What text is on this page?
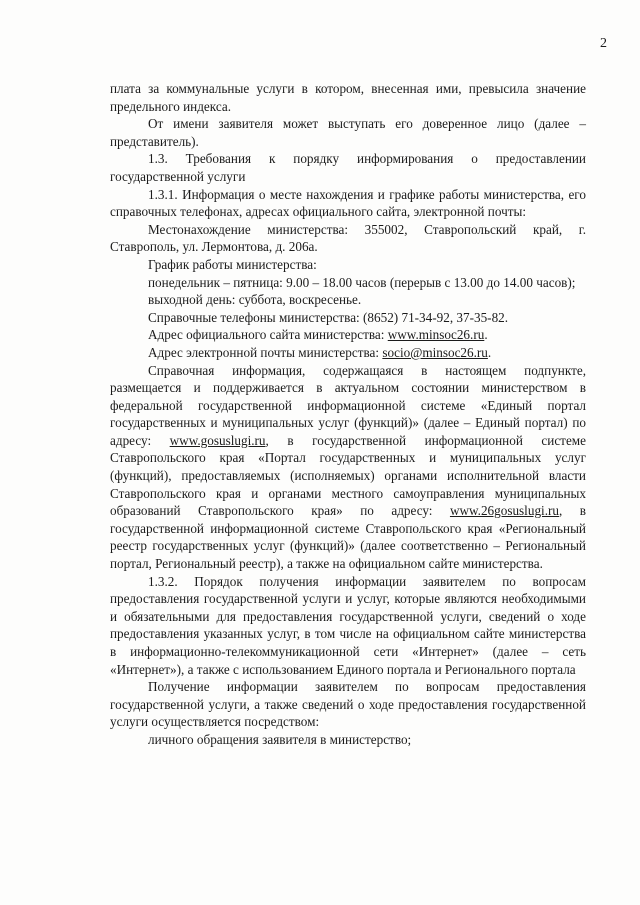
2

плата за коммунальные услуги в котором, внесенная ими, превысила значение предельного индекса.

От имени заявителя может выступать его доверенное лицо (далее – представитель).

1.3. Требования к порядку информирования о предоставлении государственной услуги

1.3.1. Информация о месте нахождения и графике работы министерства, его справочных телефонах, адресах официального сайта, электронной почты:

Местонахождение министерства: 355002, Ставропольский край, г. Ставрополь, ул. Лермонтова, д. 206а.

График работы министерства:

понедельник – пятница: 9.00 – 18.00 часов (перерыв с 13.00 до 14.00 часов);

выходной день: суббота, воскресенье.

Справочные телефоны министерства: (8652) 71-34-92, 37-35-82.

Адрес официального сайта министерства: www.minsoc26.ru.

Адрес электронной почты министерства: socio@minsoc26.ru.

Справочная информация, содержащаяся в настоящем подпункте, размещается и поддерживается в актуальном состоянии министерством в федеральной государственной информационной системе «Единый портал государственных и муниципальных услуг (функций)» (далее – Единый портал) по адресу: www.gosuslugi.ru, в государственной информационной системе Ставропольского края «Портал государственных и муниципальных услуг (функций), предоставляемых (исполняемых) органами исполнительной власти Ставропольского края и органами местного самоуправления муниципальных образований Ставропольского края» по адресу: www.26gosuslugi.ru, в государственной информационной системе Ставропольского края «Региональный реестр государственных услуг (функций)» (далее соответственно – Региональный портал, Региональный реестр), а также на официальном сайте министерства.

1.3.2. Порядок получения информации заявителем по вопросам предоставления государственной услуги и услуг, которые являются необходимыми и обязательными для предоставления государственной услуги, сведений о ходе предоставления указанных услуг, в том числе на официальном сайте министерства в информационно-телекоммуникационной сети «Интернет» (далее – сеть «Интернет»), а также с использованием Единого портала и Регионального портала

Получение информации заявителем по вопросам предоставления государственной услуги, а также сведений о ходе предоставления государственной услуги осуществляется посредством:

личного обращения заявителя в министерство;
